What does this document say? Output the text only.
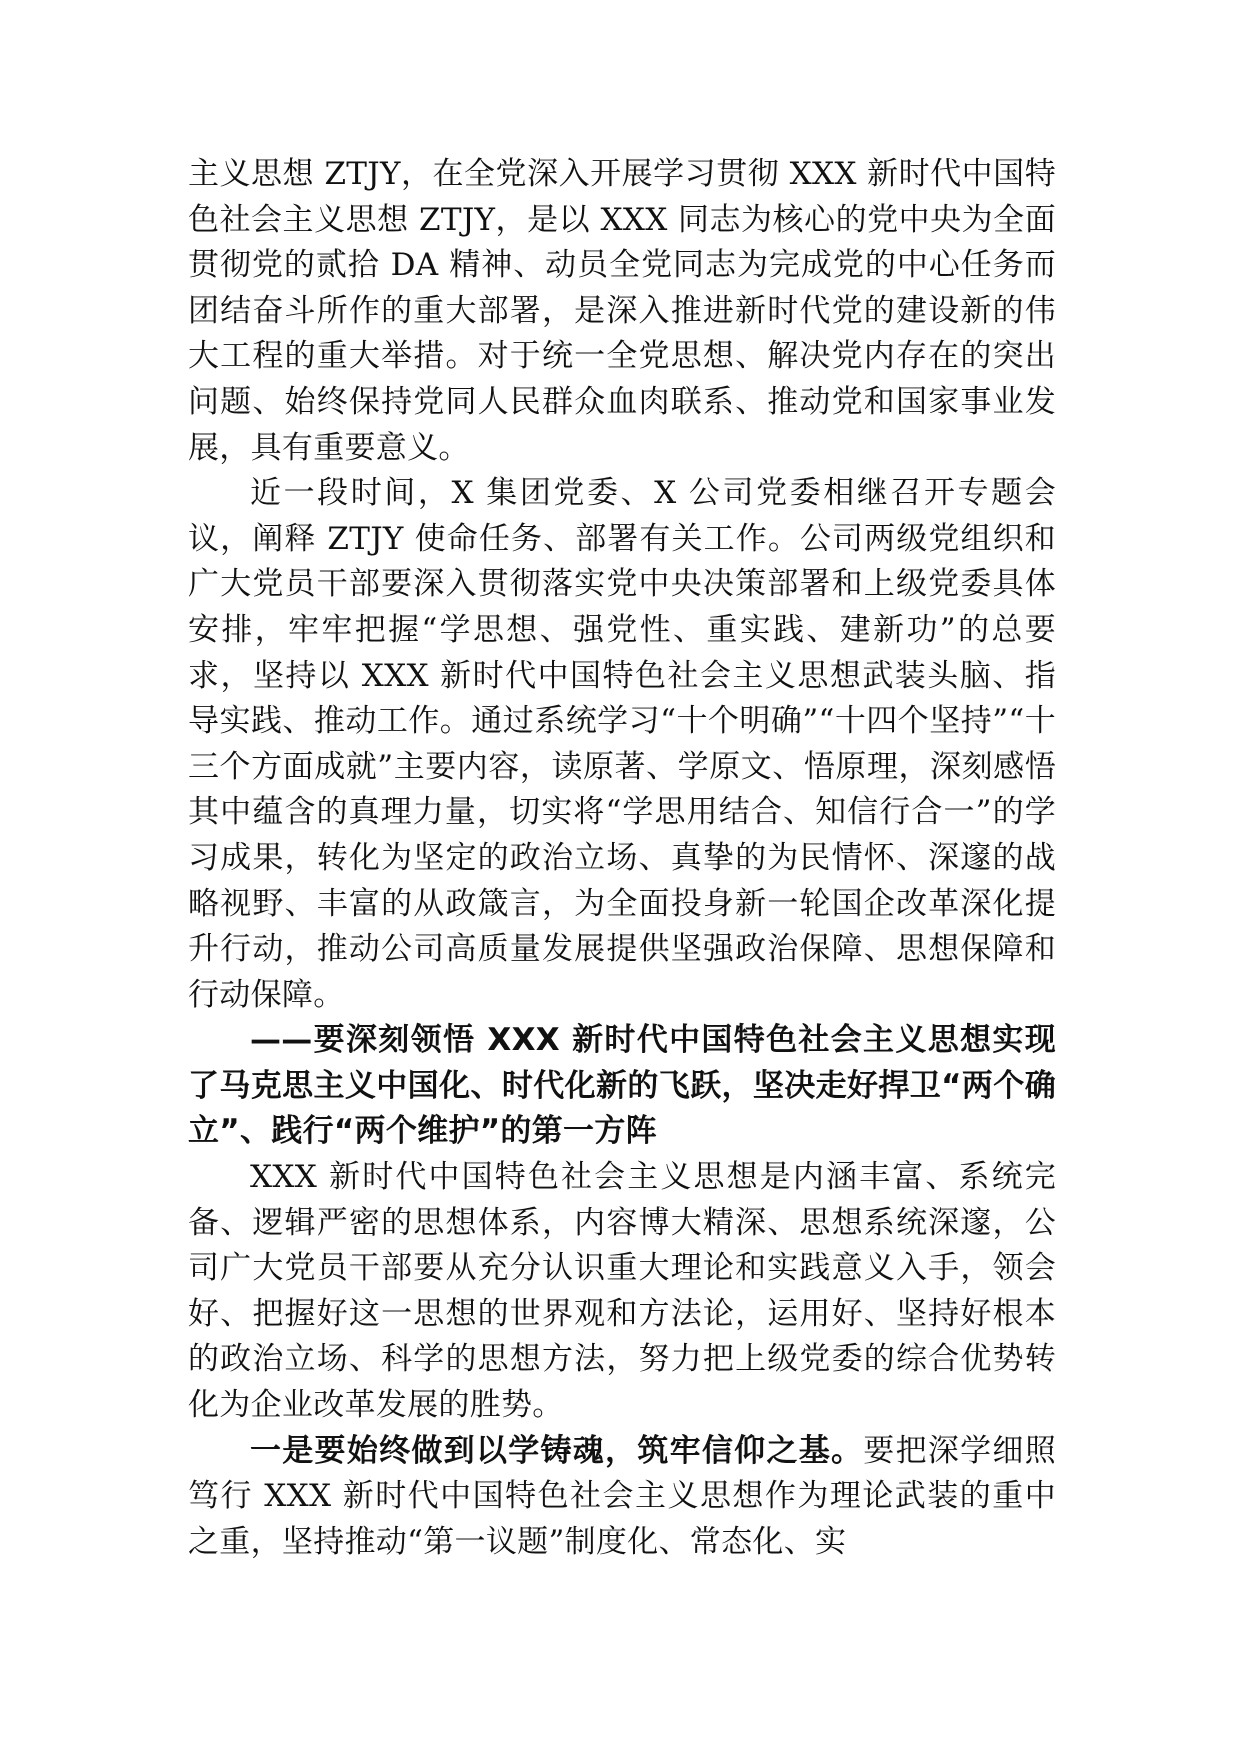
主义思想 ZTJY，在全党深入开展学习贯彻 XXX 新时代中国特色社会主义思想 ZTJY，是以 XXX 同志为核心的党中央为全面贯彻党的贰拾 DA 精神、动员全党同志为完成党的中心任务而团结奋斗所作的重大部署，是深入推进新时代党的建设新的伟大工程的重大举措。对于统一全党思想、解决党内存在的突出问题、始终保持党同人民群众血肉联系、推动党和国家事业发展，具有重要意义。

近一段时间，X 集团党委、X 公司党委相继召开专题会议，阐释 ZTJY 使命任务、部署有关工作。公司两级党组织和广大党员干部要深入贯彻落实党中央决策部署和上级党委具体安排，牢牢把握“学思想、强党性、重实践、建新功”的总要求，坚持以 XXX 新时代中国特色社会主义思想武装头脑、指导实践、推动工作。通过系统学习“十个明确”“十四个坚持”“十三个方面成就”主要内容，读原著、学原文、悟原理，深刻感悟其中蕴含的真理力量，切实将“学思用结合、知信行合一”的学习成果，转化为坚定的政治立场、真挚的为民情怀、深邃的战略视野、丰富的从政箴言，为全面投身新一轮国企改革深化提升行动，推动公司高质量发展提供坚强政治保障、思想保障和行动保障。

——要深刻领悟 XXX 新时代中国特色社会主义思想实现了马克思主义中国化、时代化新的飞跃，坚决走好捍卫“两个确立”、践行“两个维护”的第一方阵

XXX 新时代中国特色社会主义思想是内涵丰富、系统完备、逻辑严密的思想体系，内容博大精深、思想系统深邃，公司广大党员干部要从充分认识重大理论和实践意义入手，领会好、把握好这一思想的世界观和方法论，运用好、坚持好根本的政治立场、科学的思想方法，努力把上级党委的综合优势转化为企业改革发展的胜势。

一是要始终做到以学铸魂，筑牢信仰之基。要把深学细照笃行 XXX 新时代中国特色社会主义思想作为理论武装的重中之重，坚持推动“第一议题”制度化、常态化、实
